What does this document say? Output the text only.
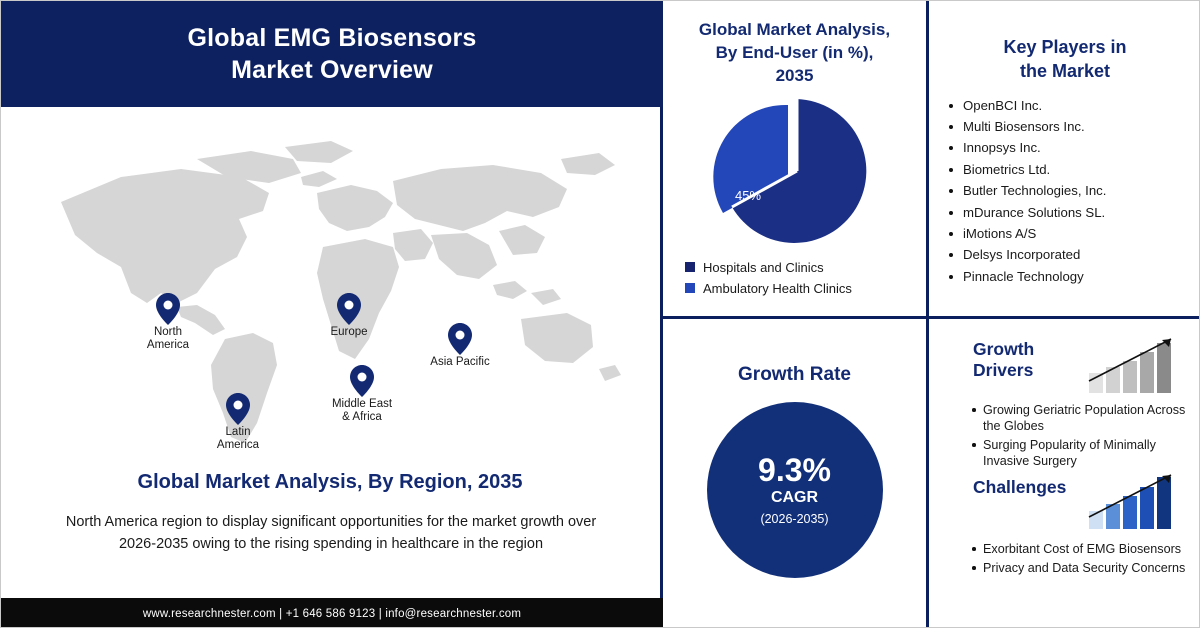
Global EMG Biosensors
Market Overview
North
America
Europe
Asia Pacific
Latin
America
Middle East
& Africa
Global Market Analysis, By Region, 2035
North America region to display significant opportunities for the market growth over 2026-2035 owing to the rising spending in healthcare in the region
www.researchnester.com | +1 646 586 9123 | info@researchnester.com
Global Market Analysis,
By End-User (in %),
2035
45%
Hospitals and Clinics
Ambulatory Health Clinics
Key Players in
the Market
OpenBCI Inc.
Multi Biosensors Inc.
Innopsys Inc.
Biometrics Ltd.
Butler Technologies, Inc.
mDurance Solutions SL.
iMotions A/S
Delsys Incorporated
Pinnacle Technology
Growth Rate
9.3%
CAGR
(2026-2035)
Growth
Drivers
Growing Geriatric Population Across the Globes
Surging Popularity of Minimally Invasive Surgery
Challenges
Exorbitant Cost of EMG Biosensors
Privacy and Data Security Concerns
